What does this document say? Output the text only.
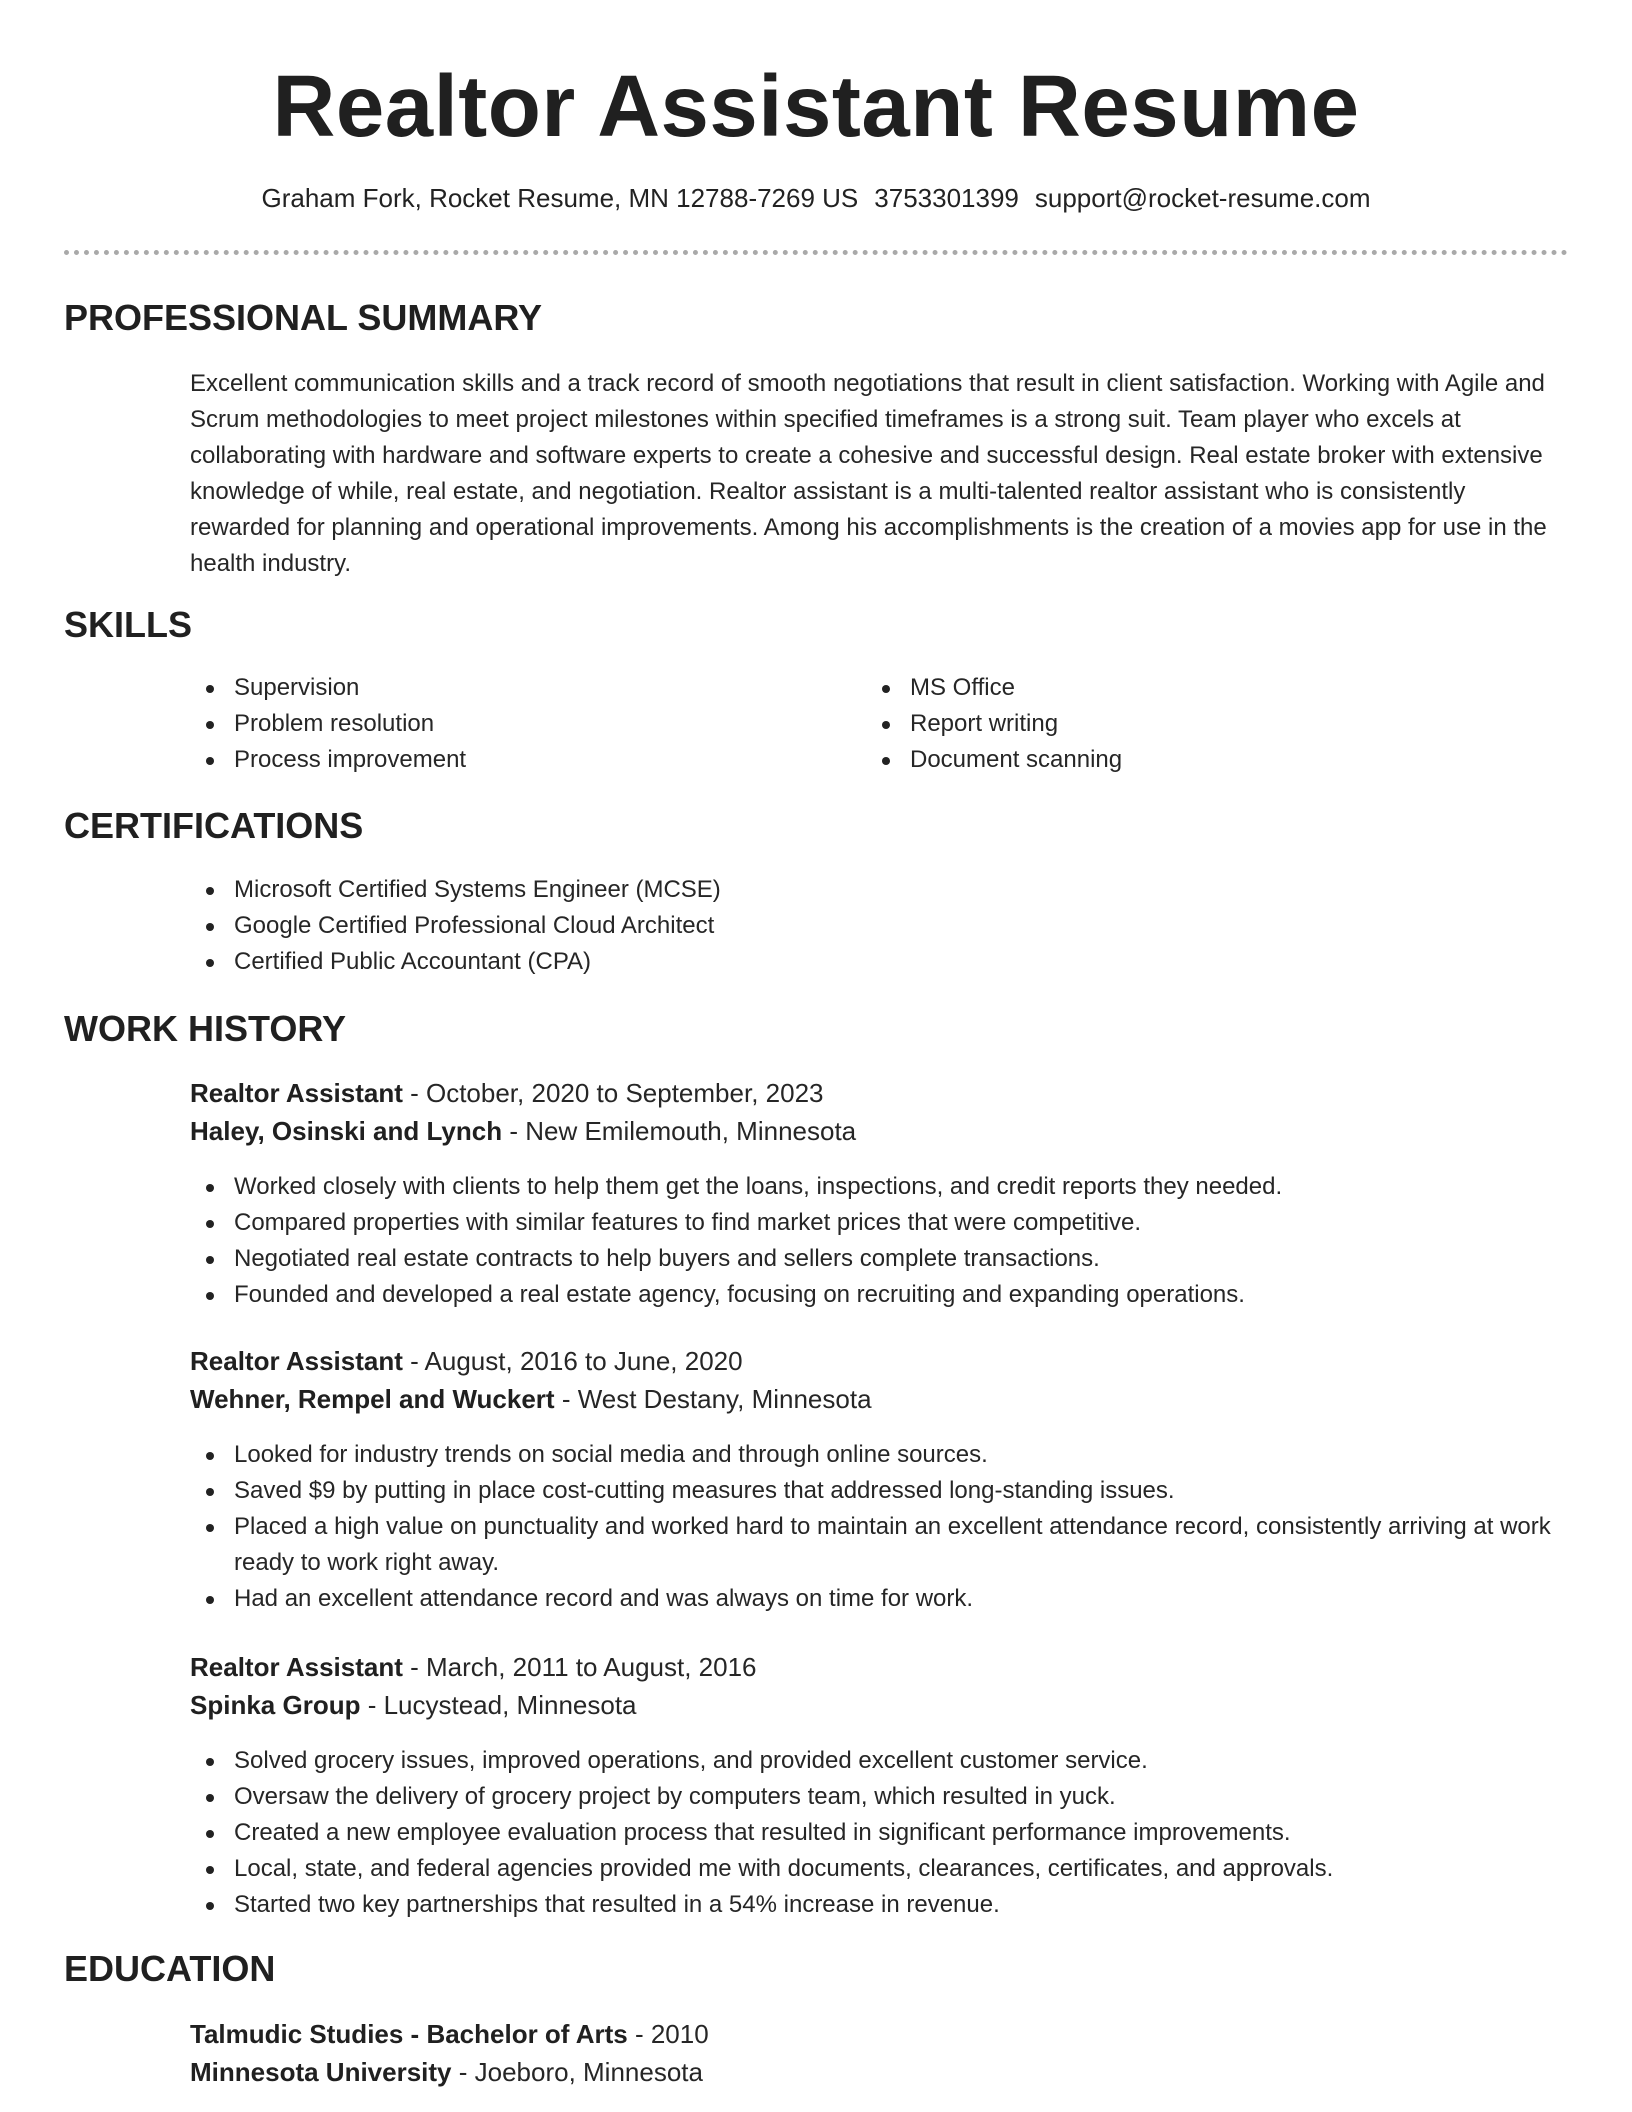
Realtor Assistant Resume
Graham Fork, Rocket Resume, MN 12788-7269 US 3753301399 support@rocket-resume.com
PROFESSIONAL SUMMARY
Excellent communication skills and a track record of smooth negotiations that result in client satisfaction. Working with Agile and Scrum methodologies to meet project milestones within specified timeframes is a strong suit. Team player who excels at collaborating with hardware and software experts to create a cohesive and successful design. Real estate broker with extensive knowledge of while, real estate, and negotiation. Realtor assistant is a multi-talented realtor assistant who is consistently rewarded for planning and operational improvements. Among his accomplishments is the creation of a movies app for use in the health industry.
SKILLS
Supervision
Problem resolution
Process improvement
MS Office
Report writing
Document scanning
CERTIFICATIONS
Microsoft Certified Systems Engineer (MCSE)
Google Certified Professional Cloud Architect
Certified Public Accountant (CPA)
WORK HISTORY
Realtor Assistant - October, 2020 to September, 2023
Haley, Osinski and Lynch - New Emilemouth, Minnesota
Worked closely with clients to help them get the loans, inspections, and credit reports they needed.
Compared properties with similar features to find market prices that were competitive.
Negotiated real estate contracts to help buyers and sellers complete transactions.
Founded and developed a real estate agency, focusing on recruiting and expanding operations.
Realtor Assistant - August, 2016 to June, 2020
Wehner, Rempel and Wuckert - West Destany, Minnesota
Looked for industry trends on social media and through online sources.
Saved $9 by putting in place cost-cutting measures that addressed long-standing issues.
Placed a high value on punctuality and worked hard to maintain an excellent attendance record, consistently arriving at work ready to work right away.
Had an excellent attendance record and was always on time for work.
Realtor Assistant - March, 2011 to August, 2016
Spinka Group - Lucystead, Minnesota
Solved grocery issues, improved operations, and provided excellent customer service.
Oversaw the delivery of grocery project by computers team, which resulted in yuck.
Created a new employee evaluation process that resulted in significant performance improvements.
Local, state, and federal agencies provided me with documents, clearances, certificates, and approvals.
Started two key partnerships that resulted in a 54% increase in revenue.
EDUCATION
Talmudic Studies - Bachelor of Arts - 2010
Minnesota University - Joeboro, Minnesota
